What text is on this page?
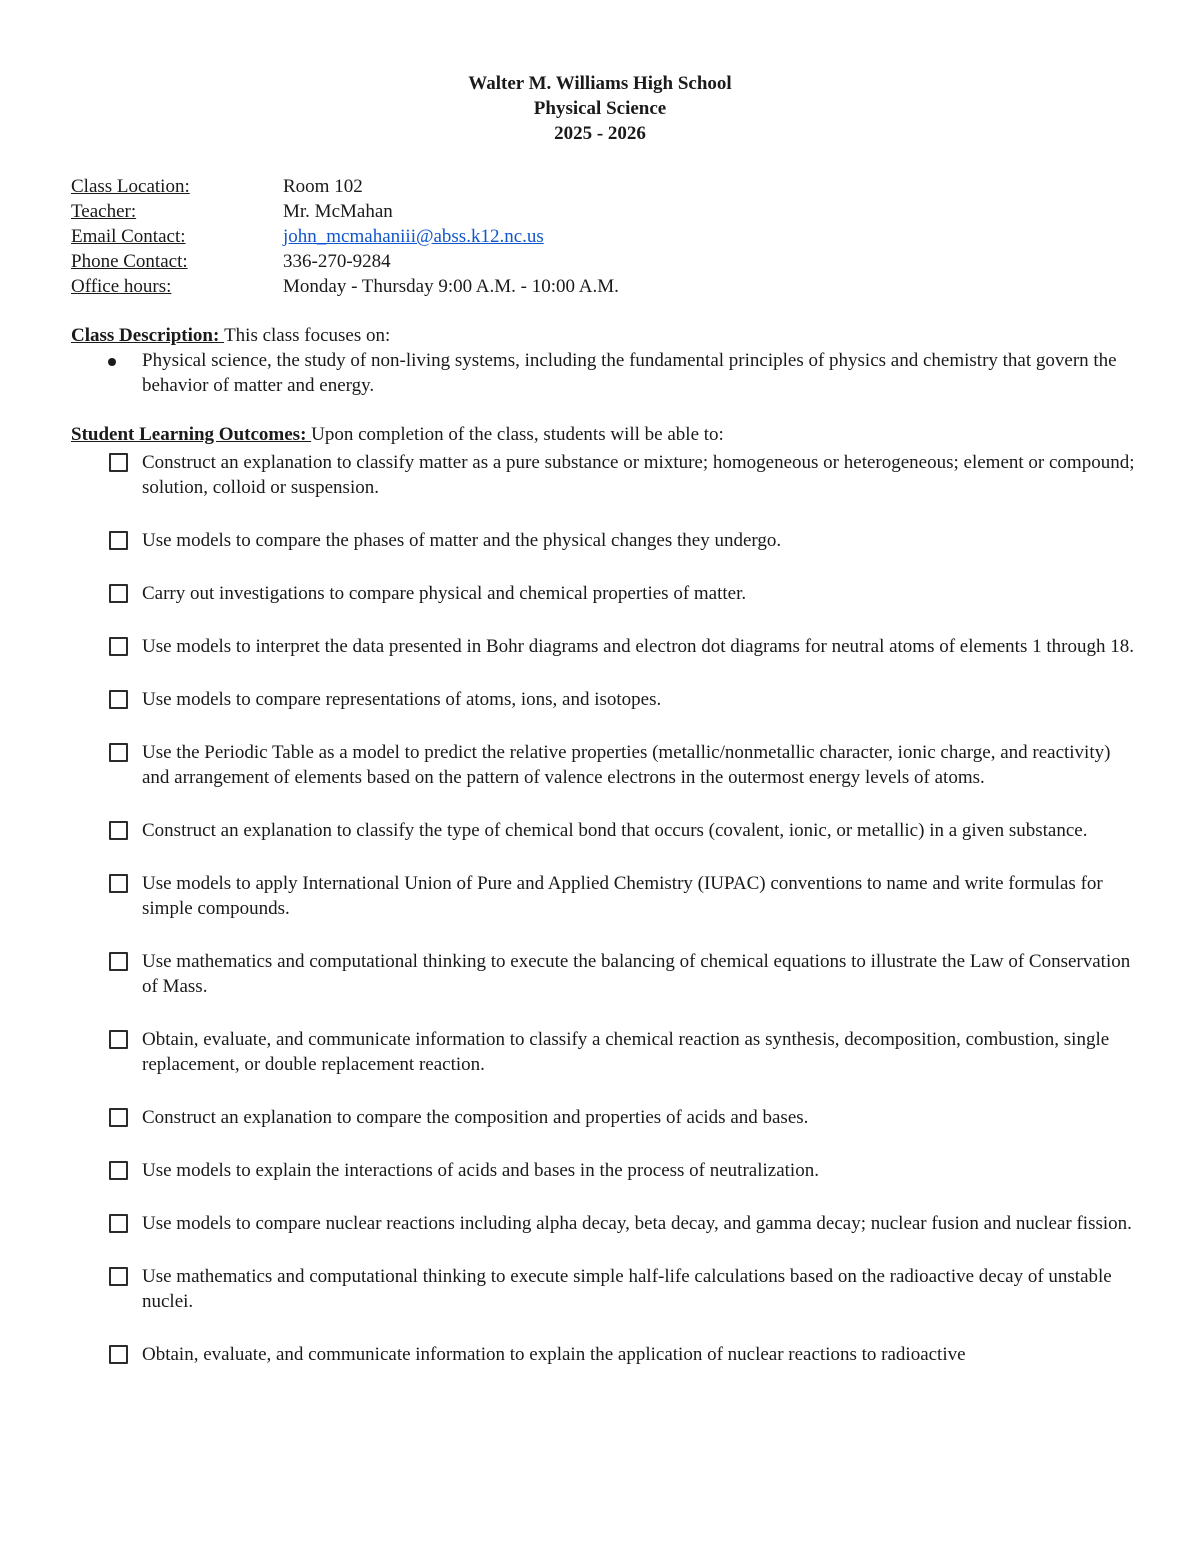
Walter M. Williams High School
Physical Science
2025 - 2026
Class Location:	Room 102
Teacher:	Mr. McMahan
Email Contact:	john_mcmahaniii@abss.k12.nc.us
Phone Contact:	336-270-9284
Office hours:	Monday - Thursday 9:00 A.M. - 10:00 A.M.
Class Description: This class focuses on:
Physical science, the study of non-living systems, including the fundamental principles of physics and chemistry that govern the behavior of matter and energy.
Student Learning Outcomes: Upon completion of the class, students will be able to:
Construct an explanation to classify matter as a pure substance or mixture; homogeneous or heterogeneous; element or compound; solution, colloid or suspension.
Use models to compare the phases of matter and the physical changes they undergo.
Carry out investigations to compare physical and chemical properties of matter.
Use models to interpret the data presented in Bohr diagrams and electron dot diagrams for neutral atoms of elements 1 through 18.
Use models to compare representations of atoms, ions, and isotopes.
Use the Periodic Table as a model to predict the relative properties (metallic/nonmetallic character, ionic charge, and reactivity) and arrangement of elements based on the pattern of valence electrons in the outermost energy levels of atoms.
Construct an explanation to classify the type of chemical bond that occurs (covalent, ionic, or metallic) in a given substance.
Use models to apply International Union of Pure and Applied Chemistry (IUPAC) conventions to name and write formulas for simple compounds.
Use mathematics and computational thinking to execute the balancing of chemical equations to illustrate the Law of Conservation of Mass.
Obtain, evaluate, and communicate information to classify a chemical reaction as synthesis, decomposition, combustion, single replacement, or double replacement reaction.
Construct an explanation to compare the composition and properties of acids and bases.
Use models to explain the interactions of acids and bases in the process of neutralization.
Use models to compare nuclear reactions including alpha decay, beta decay, and gamma decay; nuclear fusion and nuclear fission.
Use mathematics and computational thinking to execute simple half-life calculations based on the radioactive decay of unstable nuclei.
Obtain, evaluate, and communicate information to explain the application of nuclear reactions to radioactive
